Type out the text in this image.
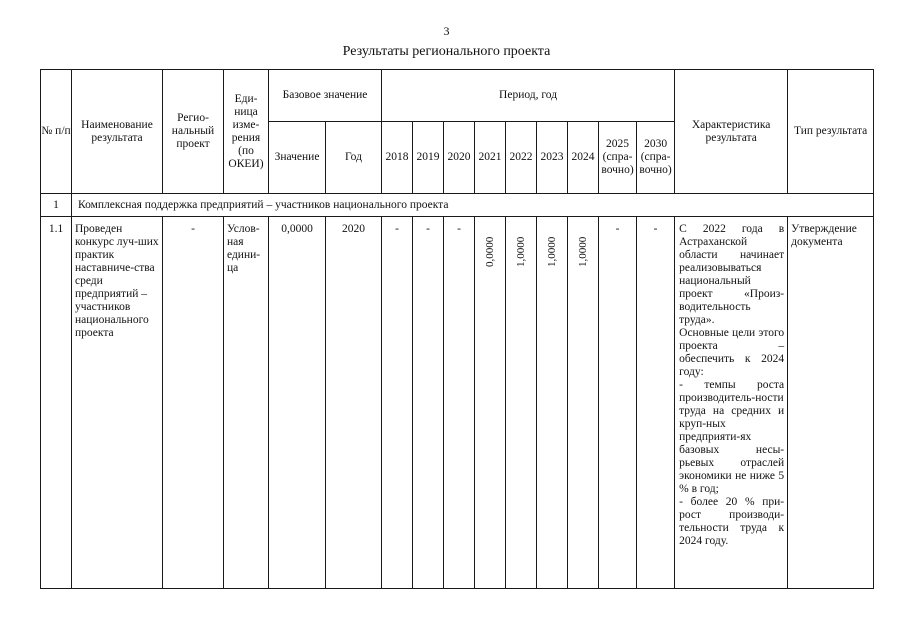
3
Результаты регионального проекта
№ п/п	Наименование результата	Регио-нальный проект	Еди-ница изме-рения (по ОКЕИ)	Базовое значение		Период, год									Характеристика результата	Тип результата
				Значение	Год	2018	2019	2020	2021	2022	2023	2024	2025 (спра-вочно)	2030 (спра-вочно)		
1	Комплексная поддержка предприятий – участников национального проекта															
1.1	Проведен конкурс луч-ших практик наставниче-ства среди предприятий – участников национального проекта	-	Услов-ная едини-ца	0,0000	2020	-	-	-	0,0000	1,0000	1,0000	1,0000	-	-	С 2022 года в Астраханской области начинает реализовываться национальный проект «Произ-водительность труда».
Основные цели этого проекта – обеспечить к 2024 году:
- темпы роста производитель-ности труда на средних и круп-ных предприяти-ях базовых несы-рьевых отраслей экономики не ниже 5 % в год;
- более 20 % при-рост производи-тельности труда к 2024 году.	Утверждение документа
